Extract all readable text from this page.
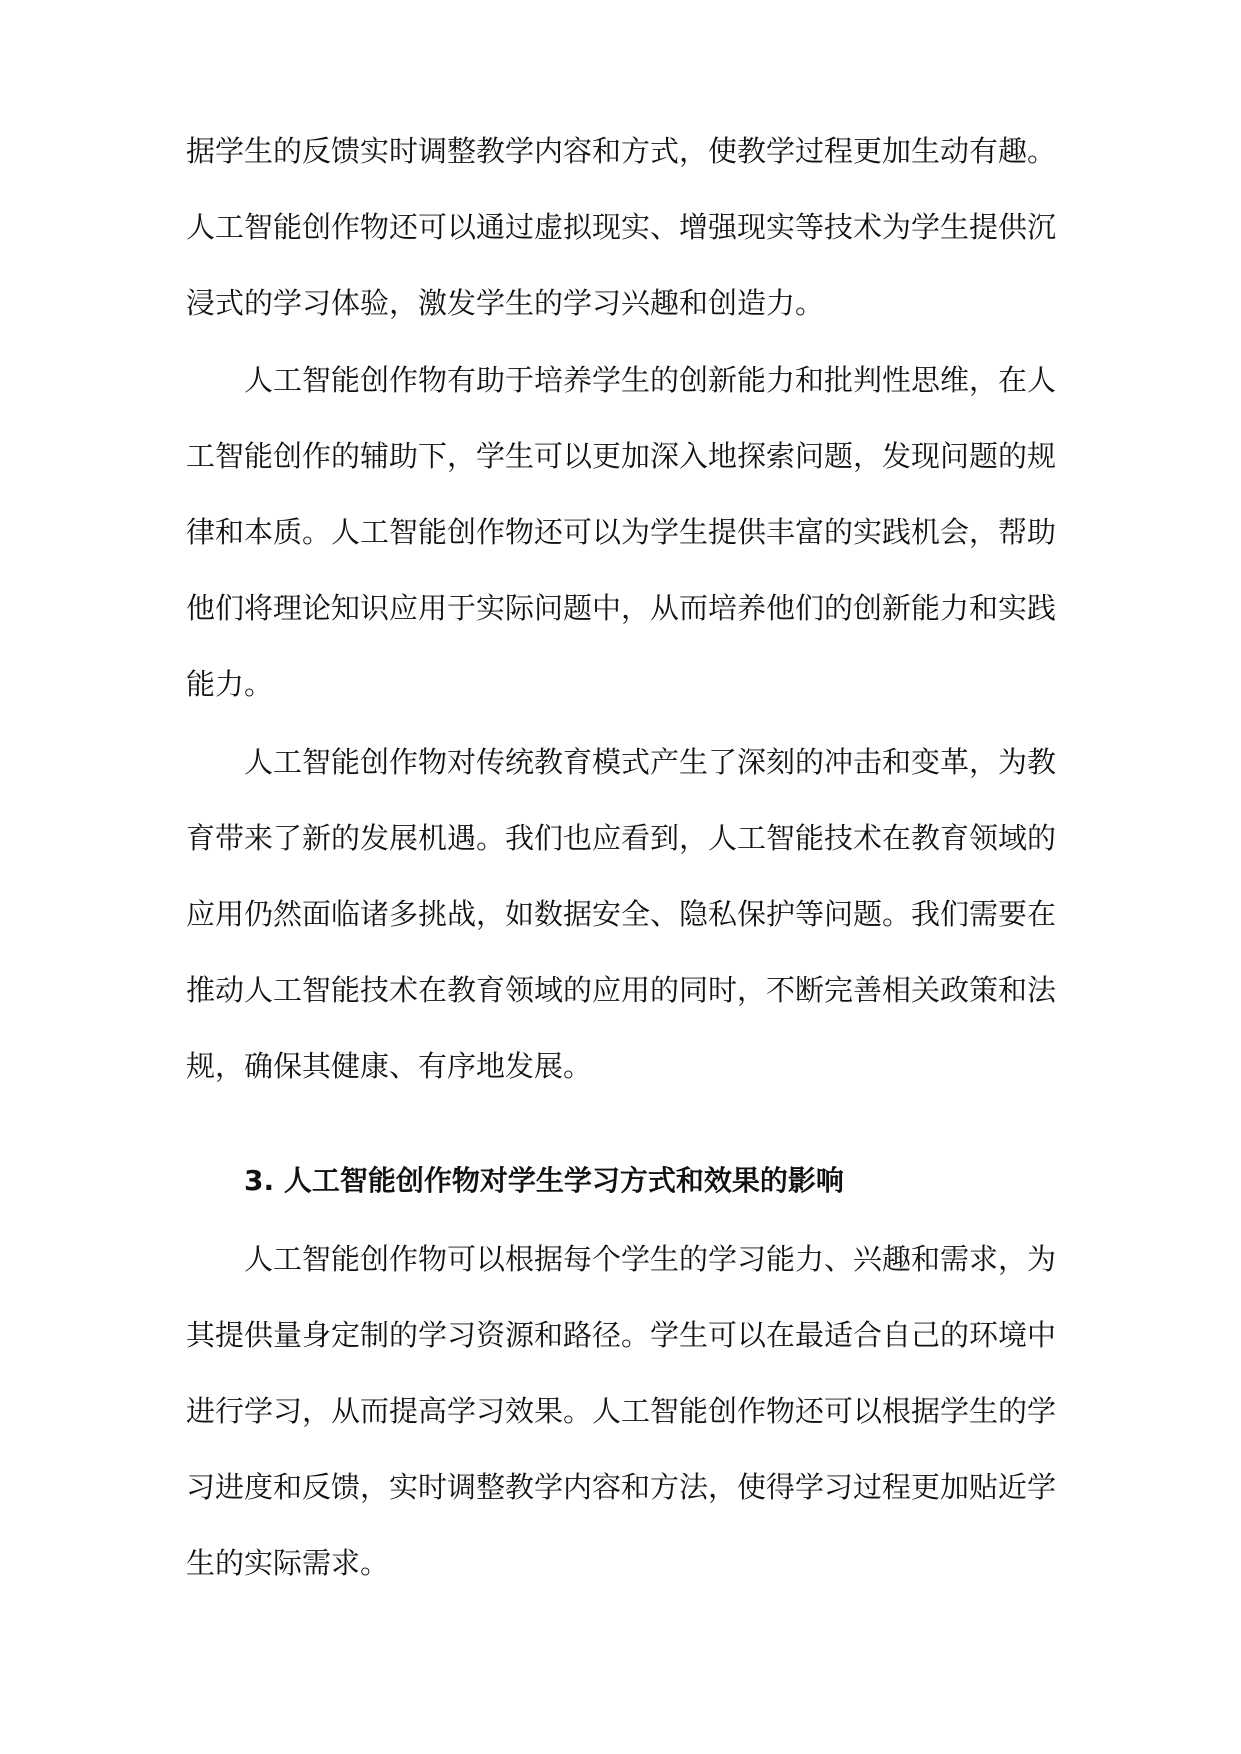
据学生的反馈实时调整教学内容和方式，使教学过程更加生动有趣。
人工智能创作物还可以通过虚拟现实、增强现实等技术为学生提供沉
浸式的学习体验，激发学生的学习兴趣和创造力。
人工智能创作物有助于培养学生的创新能力和批判性思维，在人
工智能创作的辅助下，学生可以更加深入地探索问题，发现问题的规
律和本质。人工智能创作物还可以为学生提供丰富的实践机会，帮助
他们将理论知识应用于实际问题中，从而培养他们的创新能力和实践
能力。
人工智能创作物对传统教育模式产生了深刻的冲击和变革，为教
育带来了新的发展机遇。我们也应看到，人工智能技术在教育领域的
应用仍然面临诸多挑战，如数据安全、隐私保护等问题。我们需要在
推动人工智能技术在教育领域的应用的同时，不断完善相关政策和法
规，确保其健康、有序地发展。
3. 人工智能创作物对学生学习方式和效果的影响
人工智能创作物可以根据每个学生的学习能力、兴趣和需求，为
其提供量身定制的学习资源和路径。学生可以在最适合自己的环境中
进行学习，从而提高学习效果。人工智能创作物还可以根据学生的学
习进度和反馈，实时调整教学内容和方法，使得学习过程更加贴近学
生的实际需求。
